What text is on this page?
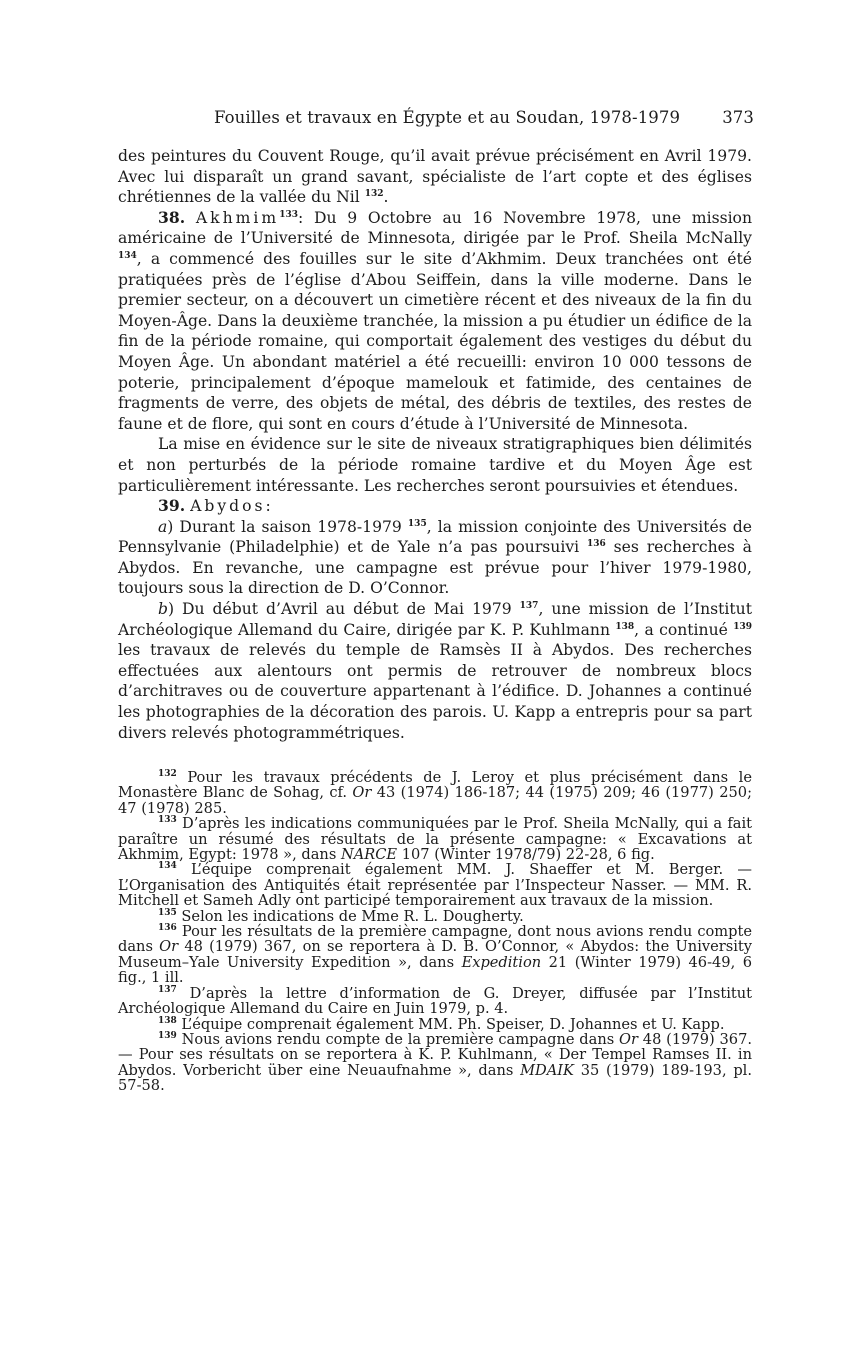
Fouilles et travaux en Égypte et au Soudan, 1978-1979	373

des peintures du Couvent Rouge, qu’il avait prévue précisément en Avril 1979. Avec lui disparaît un grand savant, spécialiste de l’art copte et des églises chrétiennes de la vallée du Nil $^{132}$.

38. Akhmim$^{133}$: Du 9 Octobre au 16 Novembre 1978, une mission américaine de l’Université de Minnesota, dirigée par le Prof. Sheila McNally $^{134}$, a commencé des fouilles sur le site d’Akhmim. Deux tranchées ont été pratiquées près de l’église d’Abou Seiffein, dans la ville moderne. Dans le premier secteur, on a découvert un cimetière récent et des niveaux de la fin du Moyen-Âge. Dans la deuxième tranchée, la mission a pu étudier un édifice de la fin de la période romaine, qui comportait également des vestiges du début du Moyen Âge. Un abondant matériel a été recueilli: environ 10 000 tessons de poterie, principalement d’époque mamelouk et fatimide, des centaines de fragments de verre, des objets de métal, des débris de textiles, des restes de faune et de flore, qui sont en cours d’étude à l’Université de Minnesota.

La mise en évidence sur le site de niveaux stratigraphiques bien délimités et non perturbés de la période romaine tardive et du Moyen Âge est particulièrement intéressante. Les recherches seront poursuivies et étendues.

39. Abydos:

a) Durant la saison 1978-1979 $^{135}$, la mission conjointe des Universités de Pennsylvanie (Philadelphie) et de Yale n’a pas poursuivi $^{136}$ ses recherches à Abydos. En revanche, une campagne est prévue pour l’hiver 1979-1980, toujours sous la direction de D. O’Connor.

b) Du début d’Avril au début de Mai 1979 $^{137}$, une mission de l’Institut Archéologique Allemand du Caire, dirigée par K. P. Kuhlmann $^{138}$, a continué $^{139}$ les travaux de relevés du temple de Ramsès II à Abydos. Des recherches effectuées aux alentours ont permis de retrouver de nombreux blocs d’architraves ou de couverture appartenant à l’édifice. D. Johannes a continué les photographies de la décoration des parois. U. Kapp a entrepris pour sa part divers relevés photogrammétriques.

$^{132}$ Pour les travaux précédents de J. Leroy et plus précisément dans le Monastère Blanc de Sohag, cf. Or 43 (1974) 186-187; 44 (1975) 209; 46 (1977) 250; 47 (1978) 285.

$^{133}$ D’après les indications communiquées par le Prof. Sheila McNally, qui a fait paraître un résumé des résultats de la présente campagne: « Excavations at Akhmim, Egypt: 1978 », dans NARCE 107 (Winter 1978/79) 22-28, 6 fig.

$^{134}$ L’équipe comprenait également MM. J. Shaeffer et M. Berger. — L’Organisation des Antiquités était représentée par l’Inspecteur Nasser. — MM. R. Mitchell et Sameh Adly ont participé temporairement aux travaux de la mission.

$^{135}$ Selon les indications de Mme R. L. Dougherty.

$^{136}$ Pour les résultats de la première campagne, dont nous avions rendu compte dans Or 48 (1979) 367, on se reportera à D. B. O’Connor, « Abydos: the University Museum–Yale University Expedition », dans Expedition 21 (Winter 1979) 46-49, 6 fig., 1 ill.

$^{137}$ D’après la lettre d’information de G. Dreyer, diffusée par l’Institut Archéologique Allemand du Caire en Juin 1979, p. 4.

$^{138}$ L’équipe comprenait également MM. Ph. Speiser, D. Johannes et U. Kapp.

$^{139}$ Nous avions rendu compte de la première campagne dans Or 48 (1979) 367. — Pour ses résultats on se reportera à K. P. Kuhlmann, « Der Tempel Ramses II. in Abydos. Vorbericht über eine Neuaufnahme », dans MDAIK 35 (1979) 189-193, pl. 57-58.
